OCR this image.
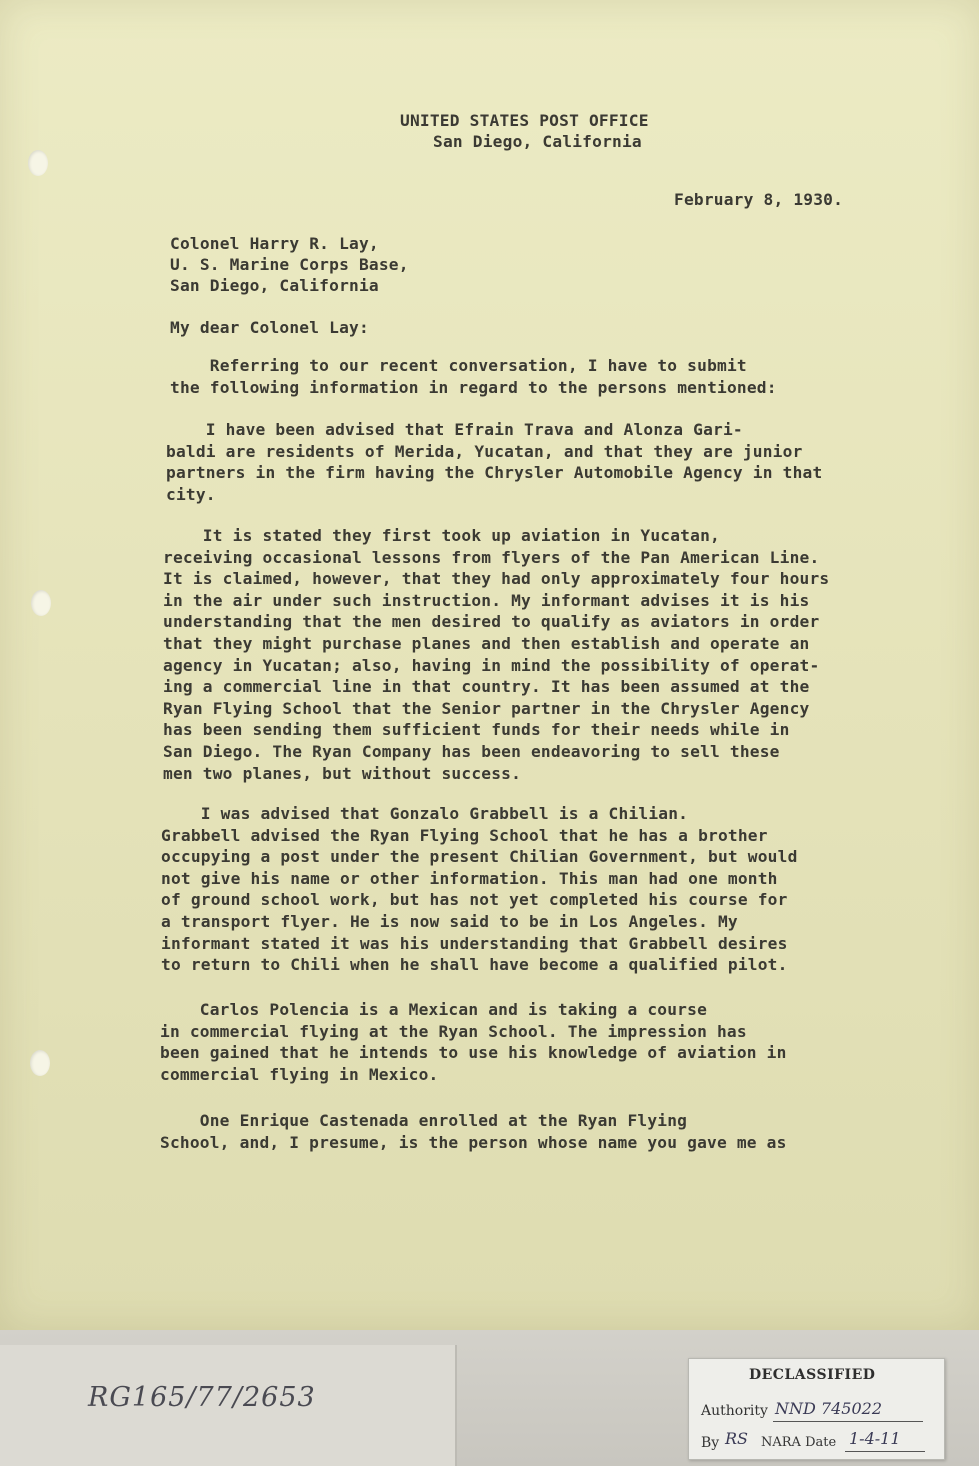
UNITED STATES POST OFFICE
San Diego, California
February 8, 1930.
Colonel Harry R. Lay,
U. S. Marine Corps Base,
San Diego, California
My dear Colonel Lay:
Referring to our recent conversation, I have to submit
the following information in regard to the persons mentioned:
I have been advised that Efrain Trava and Alonza Gari-
baldi are residents of Merida, Yucatan, and that they are junior
partners in the firm having the Chrysler Automobile Agency in that
city.
It is stated they first took up aviation in Yucatan,
receiving occasional lessons from flyers of the Pan American Line.
It is claimed, however, that they had only approximately four hours
in the air under such instruction. My informant advises it is his
understanding that the men desired to qualify as aviators in order
that they might purchase planes and then establish and operate an
agency in Yucatan; also, having in mind the possibility of operat-
ing a commercial line in that country. It has been assumed at the
Ryan Flying School that the Senior partner in the Chrysler Agency
has been sending them sufficient funds for their needs while in
San Diego. The Ryan Company has been endeavoring to sell these
men two planes, but without success.
I was advised that Gonzalo Grabbell is a Chilian.
Grabbell advised the Ryan Flying School that he has a brother
occupying a post under the present Chilian Government, but would
not give his name or other information. This man had one month
of ground school work, but has not yet completed his course for
a transport flyer. He is now said to be in Los Angeles. My
informant stated it was his understanding that Grabbell desires
to return to Chili when he shall have become a qualified pilot.
Carlos Polencia is a Mexican and is taking a course
in commercial flying at the Ryan School. The impression has
been gained that he intends to use his knowledge of aviation in
commercial flying in Mexico.
One Enrique Castenada enrolled at the Ryan Flying
School, and, I presume, is the person whose name you gave me as
RG165/77/2653
DECLASSIFIED
Authority NND 745022
By RS NARA Date 1-4-11
